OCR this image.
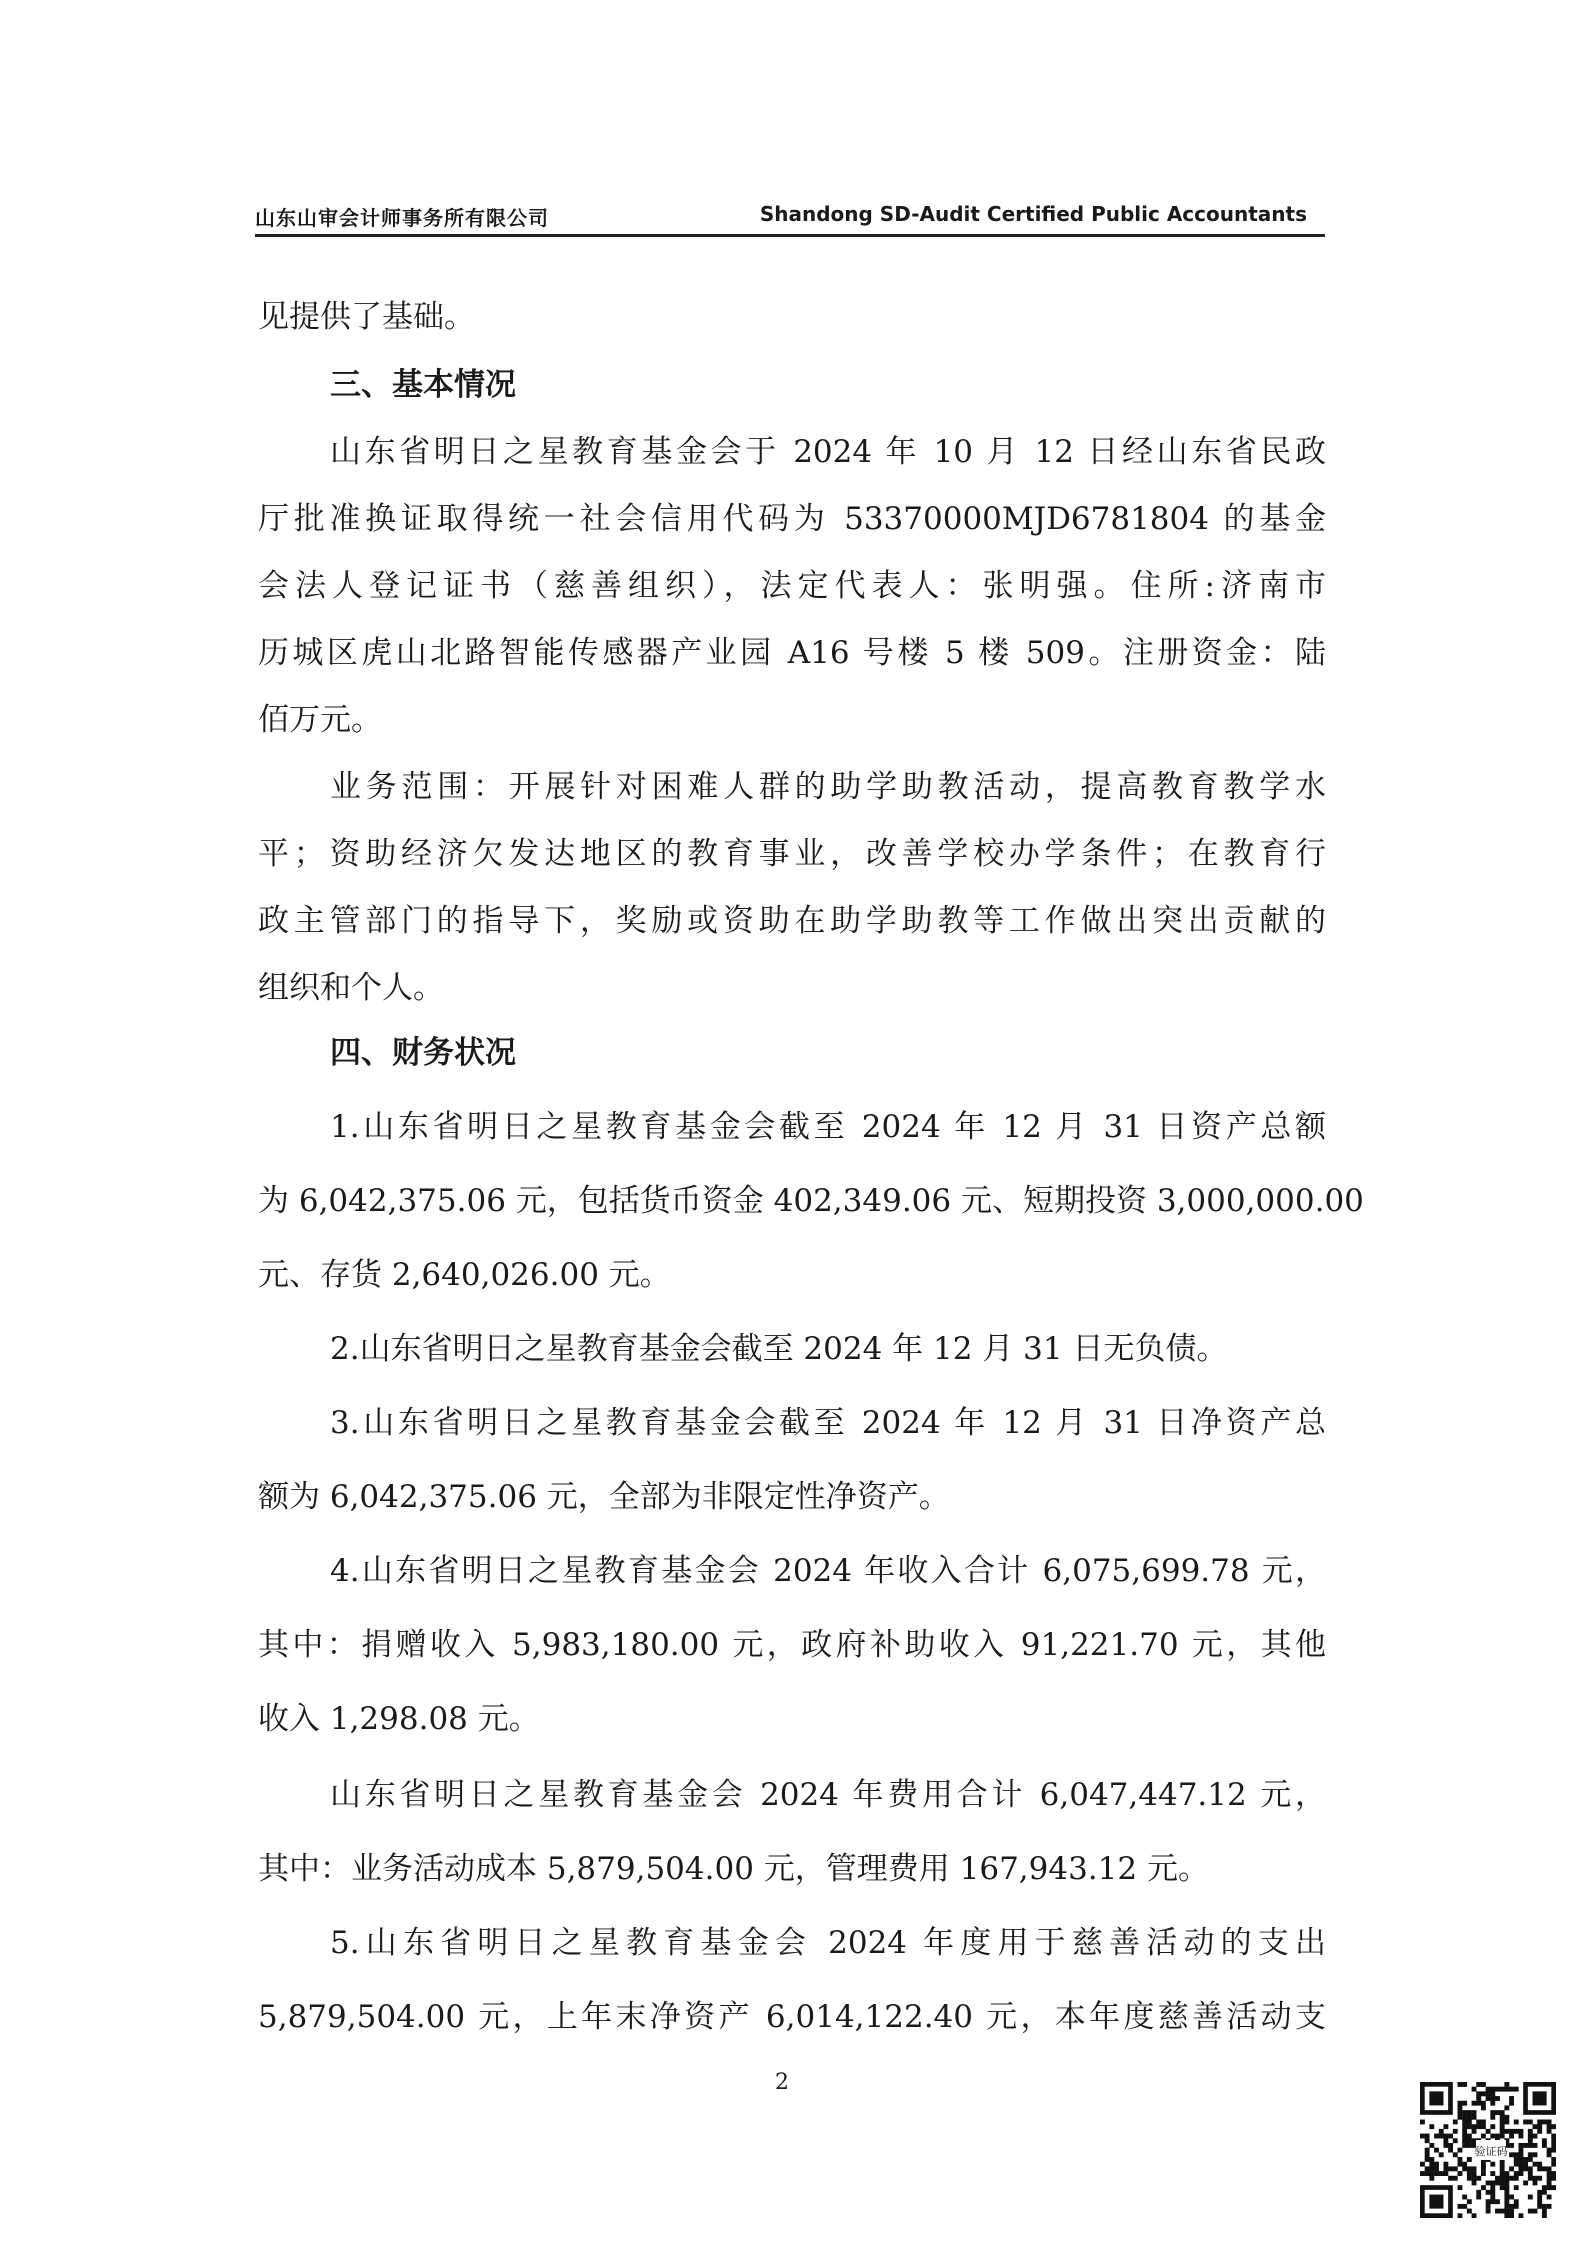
山东山审会计师事务所有限公司	Shandong SD-Audit Certified Public Accountants
见提供了基础。
三、基本情况
山东省明日之星教育基金会于 2024 年 10 月 12 日经山东省民政
厅批准换证取得统一社会信用代码为 53370000MJD6781804 的基金
会法人登记证书（慈善组织），法定代表人：张明强。住所:济南市
历城区虎山北路智能传感器产业园 A16 号楼 5 楼 509。注册资金：陆
佰万元。
业务范围：开展针对困难人群的助学助教活动，提高教育教学水
平；资助经济欠发达地区的教育事业，改善学校办学条件；在教育行
政主管部门的指导下，奖励或资助在助学助教等工作做出突出贡献的
组织和个人。
四、财务状况
1.山东省明日之星教育基金会截至 2024 年 12 月 31 日资产总额
为 6,042,375.06 元，包括货币资金 402,349.06 元、短期投资 3,000,000.00
元、存货 2,640,026.00 元。
2.山东省明日之星教育基金会截至 2024 年 12 月 31 日无负债。
3.山东省明日之星教育基金会截至 2024 年 12 月 31 日净资产总
额为 6,042,375.06 元，全部为非限定性净资产。
4.山东省明日之星教育基金会 2024 年收入合计 6,075,699.78 元，
其中：捐赠收入 5,983,180.00 元，政府补助收入 91,221.70 元，其他
收入 1,298.08 元。
山东省明日之星教育基金会 2024 年费用合计 6,047,447.12 元，
其中：业务活动成本 5,879,504.00 元，管理费用 167,943.12 元。
5.山东省明日之星教育基金会 2024 年度用于慈善活动的支出
5,879,504.00 元，上年末净资产 6,014,122.40 元，本年度慈善活动支
2
验证码
